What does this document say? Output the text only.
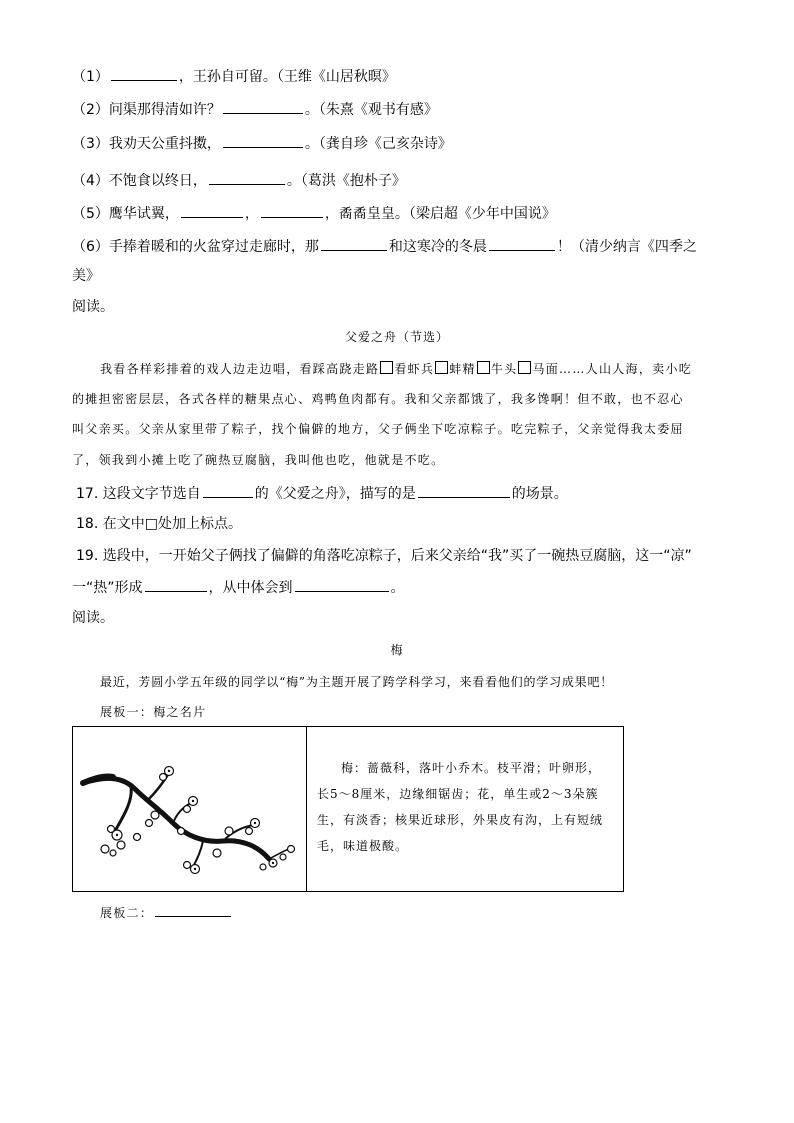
（1）	，王孙自可留。（王维《山居秋暝》
（2）问渠那得清如许？	。（朱熹《观书有感》
（3）我劝天公重抖擞，	。（龚自珍《己亥杂诗》
（4）不饱食以终日，	。（葛洪《抱朴子》
（5）鹰华试翼，	，	，矞矞皇皇。（梁启超《少年中国说》
（6）手捧着暖和的火盆穿过走廊时，那	和这寒冷的冬晨	！（清少纳言《四季之
美》
阅读。
父爱之舟（节选）
我看各样彩排着的戏人边走边唱，看踩高跷走路 看虾兵 蚌精 牛头 马面……人山人海，卖小吃
的摊担密密层层，各式各样的糖果点心、鸡鸭鱼肉都有。我和父亲都饿了，我多馋啊！但不敢，也不忍心
叫父亲买。父亲从家里带了粽子，找个偏僻的地方，父子俩坐下吃凉粽子。吃完粽子，父亲觉得我太委屈
了，领我到小摊上吃了碗热豆腐脑，我叫他也吃，他就是不吃。
17. 这段文字节选自	的《父爱之舟》，描写的是	的场景。
18. 在文中□处加上标点。
19. 选段中，一开始父子俩找了偏僻的角落吃凉粽子，后来父亲给“我”买了一碗热豆腐脑，这一“凉”
一“热”形成	，从中体会到	。
阅读。
梅
最近，芳圆小学五年级的同学以“梅”为主题开展了跨学科学习，来看看他们的学习成果吧！
展板一：梅之名片
梅：蔷薇科，落叶小乔木。枝平滑；叶卵形，
长5～8厘米，边缘细锯齿；花，单生或2～3朵簇
生，有淡香；核果近球形，外果皮有沟，上有短绒
毛，味道极酸。
展板二：
